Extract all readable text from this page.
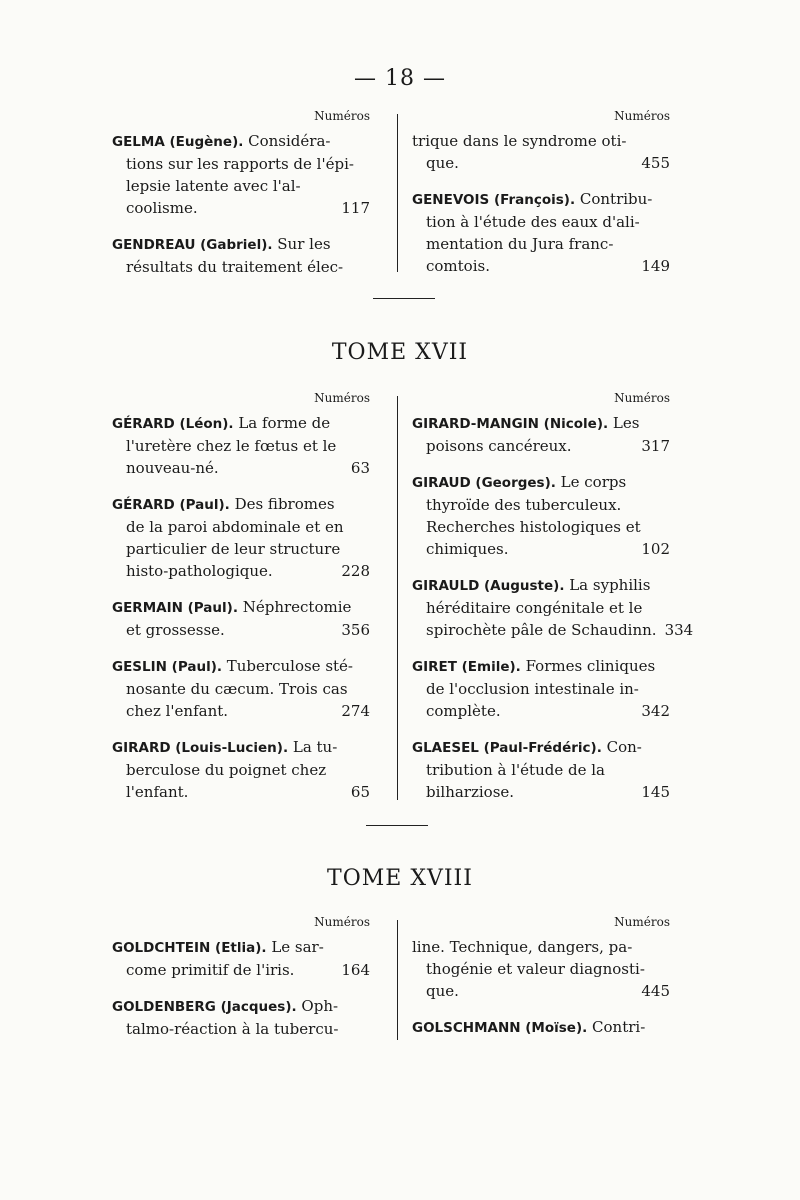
— 18 —
Numéros
GELMA (Eugène). Considéra-
tions sur les rapports de l'épi-
lepsie latente avec l'al-
coolisme.	117
GENDREAU (Gabriel). Sur les
résultats du traitement élec-
Numéros
trique dans le syndrome oti-
que.	455
GENEVOIS (François). Contribu-
tion à l'étude des eaux d'ali-
mentation du Jura franc-
comtois.	149
TOME XVII
Numéros
GÉRARD (Léon). La forme de
l'uretère chez le fœtus et le
nouveau-né.	63
GÉRARD (Paul). Des fibromes
de la paroi abdominale et en
particulier de leur structure
histo-pathologique.	228
GERMAIN (Paul). Néphrectomie
et grossesse.	356
GESLIN (Paul). Tuberculose sté-
nosante du cæcum. Trois cas
chez l'enfant.	274
GIRARD (Louis-Lucien). La tu-
berculose du poignet chez
l'enfant.	65
Numéros
GIRARD-MANGIN (Nicole). Les
poisons cancéreux.	317
GIRAUD (Georges). Le corps
thyroïde des tuberculeux.
Recherches histologiques et
chimiques.	102
GIRAULD (Auguste). La syphilis
héréditaire congénitale et le
spirochète pâle de Schaudinn. 334
GIRET (Emile). Formes cliniques
de l'occlusion intestinale in-
complète.	342
GLAESEL (Paul-Frédéric). Con-
tribution à l'étude de la
bilharziose.	145
TOME XVIII
Numéros
GOLDCHTEIN (Etlia). Le sar-
come primitif de l'iris.	164
GOLDENBERG (Jacques). Oph-
talmo-réaction à la tubercu-
Numéros
line. Technique, dangers, pa-
thogénie et valeur diagnosti-
que.	445
GOLSCHMANN (Moïse). Contri-
